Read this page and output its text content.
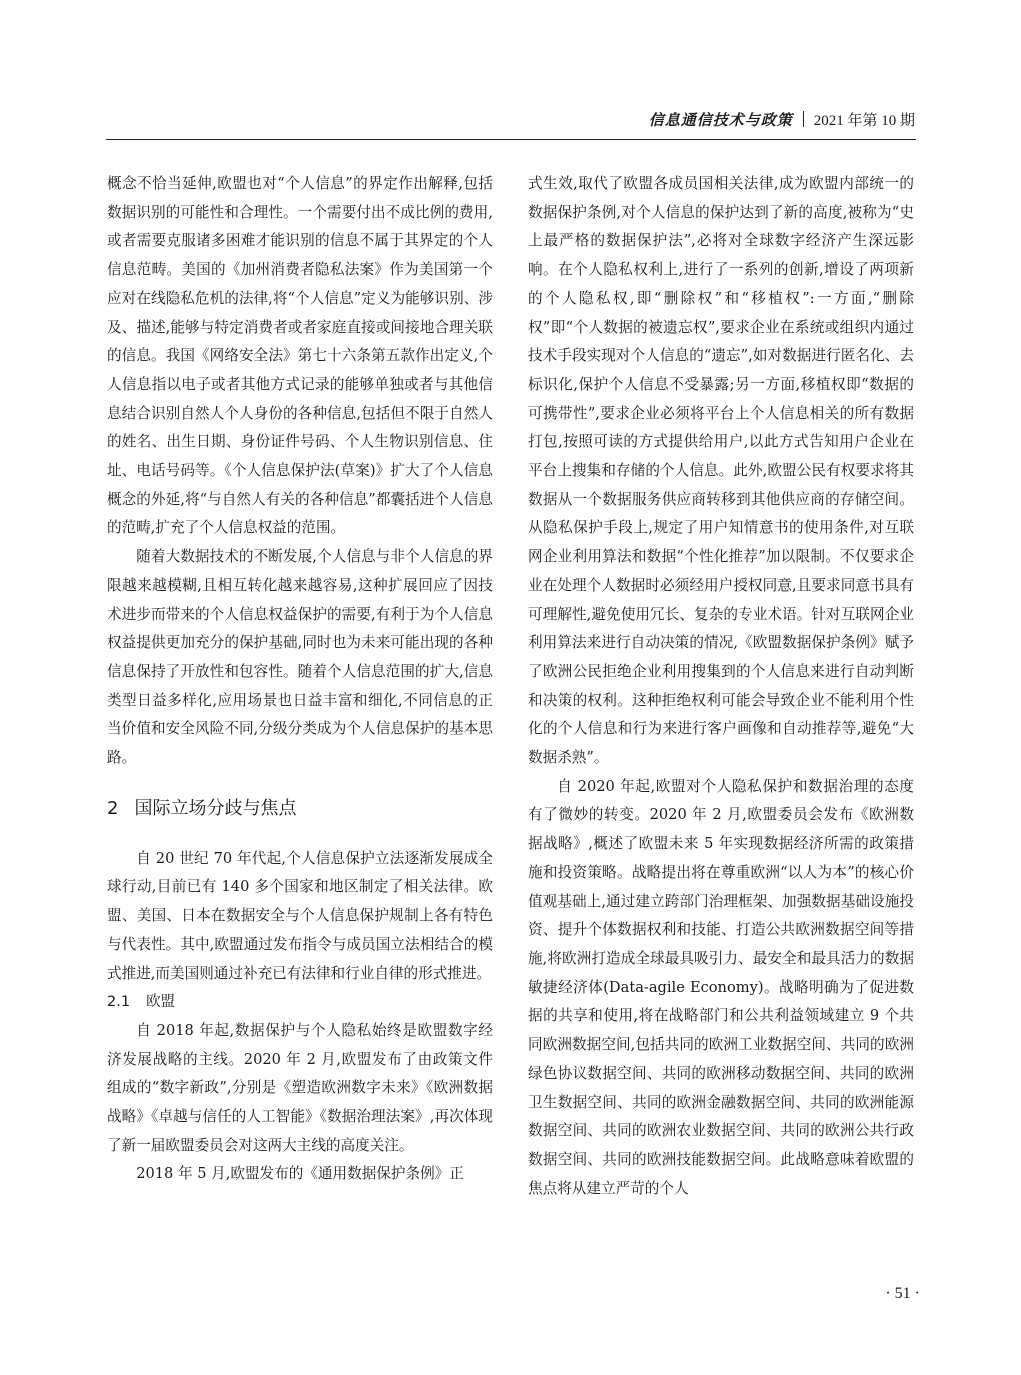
信息通信技术与政策 2021 年第 10 期

概念不恰当延伸,欧盟也对“个人信息”的界定作出解释,包括数据识别的可能性和合理性。一个需要付出不成比例的费用,或者需要克服诸多困难才能识别的信息不属于其界定的个人信息范畴。美国的《加州消费者隐私法案》作为美国第一个应对在线隐私危机的法律,将“个人信息”定义为能够识别、涉及、描述,能够与特定消费者或者家庭直接或间接地合理关联的信息。我国《网络安全法》第七十六条第五款作出定义,个人信息指以电子或者其他方式记录的能够单独或者与其他信息结合识别自然人个人身份的各种信息,包括但不限于自然人的姓名、出生日期、身份证件号码、个人生物识别信息、住址、电话号码等。《个人信息保护法(草案)》扩大了个人信息概念的外延,将“与自然人有关的各种信息”都囊括进个人信息的范畴,扩充了个人信息权益的范围。

随着大数据技术的不断发展,个人信息与非个人信息的界限越来越模糊,且相互转化越来越容易,这种扩展回应了因技术进步而带来的个人信息权益保护的需要,有利于为个人信息权益提供更加充分的保护基础,同时也为未来可能出现的各种信息保持了开放性和包容性。随着个人信息范围的扩大,信息类型日益多样化,应用场景也日益丰富和细化,不同信息的正当价值和安全风险不同,分级分类成为个人信息保护的基本思路。

2 国际立场分歧与焦点

自 20 世纪 70 年代起,个人信息保护立法逐渐发展成全球行动,目前已有 140 多个国家和地区制定了相关法律。欧盟、美国、日本在数据安全与个人信息保护规制上各有特色与代表性。其中,欧盟通过发布指令与成员国立法相结合的模式推进,而美国则通过补充已有法律和行业自律的形式推进。

2.1 欧盟

自 2018 年起,数据保护与个人隐私始终是欧盟数字经济发展战略的主线。2020 年 2 月,欧盟发布了由政策文件组成的“数字新政”,分别是《塑造欧洲数字未来》《欧洲数据战略》《卓越与信任的人工智能》《数据治理法案》,再次体现了新一届欧盟委员会对这两大主线的高度关注。

2018 年 5 月,欧盟发布的《通用数据保护条例》正

式生效,取代了欧盟各成员国相关法律,成为欧盟内部统一的数据保护条例,对个人信息的保护达到了新的高度,被称为“史上最严格的数据保护法”,必将对全球数字经济产生深远影响。在个人隐私权利上,进行了一系列的创新,增设了两项新的个人隐私权,即“删除权”和“移植权”:一方面,“删除权”即“个人数据的被遗忘权”,要求企业在系统或组织内通过技术手段实现对个人信息的“遗忘”,如对数据进行匿名化、去标识化,保护个人信息不受暴露;另一方面,移植权即“数据的可携带性”,要求企业必须将平台上个人信息相关的所有数据打包,按照可读的方式提供给用户,以此方式告知用户企业在平台上搜集和存储的个人信息。此外,欧盟公民有权要求将其数据从一个数据服务供应商转移到其他供应商的存储空间。从隐私保护手段上,规定了用户知情意书的使用条件,对互联网企业利用算法和数据“个性化推荐”加以限制。不仅要求企业在处理个人数据时必须经用户授权同意,且要求同意书具有可理解性,避免使用冗长、复杂的专业术语。针对互联网企业利用算法来进行自动决策的情况,《欧盟数据保护条例》赋予了欧洲公民拒绝企业利用搜集到的个人信息来进行自动判断和决策的权利。这种拒绝权利可能会导致企业不能利用个性化的个人信息和行为来进行客户画像和自动推荐等,避免“大数据杀熟”。

自 2020 年起,欧盟对个人隐私保护和数据治理的态度有了微妙的转变。2020 年 2 月,欧盟委员会发布《欧洲数据战略》,概述了欧盟未来 5 年实现数据经济所需的政策措施和投资策略。战略提出将在尊重欧洲“以人为本”的核心价值观基础上,通过建立跨部门治理框架、加强数据基础设施投资、提升个体数据权利和技能、打造公共欧洲数据空间等措施,将欧洲打造成全球最具吸引力、最安全和最具活力的数据敏捷经济体(Data-agile Economy)。战略明确为了促进数据的共享和使用,将在战略部门和公共利益领域建立 9 个共同欧洲数据空间,包括共同的欧洲工业数据空间、共同的欧洲绿色协议数据空间、共同的欧洲移动数据空间、共同的欧洲卫生数据空间、共同的欧洲金融数据空间、共同的欧洲能源数据空间、共同的欧洲农业数据空间、共同的欧洲公共行政数据空间、共同的欧洲技能数据空间。此战略意味着欧盟的焦点将从建立严苛的个人

· 51 ·
